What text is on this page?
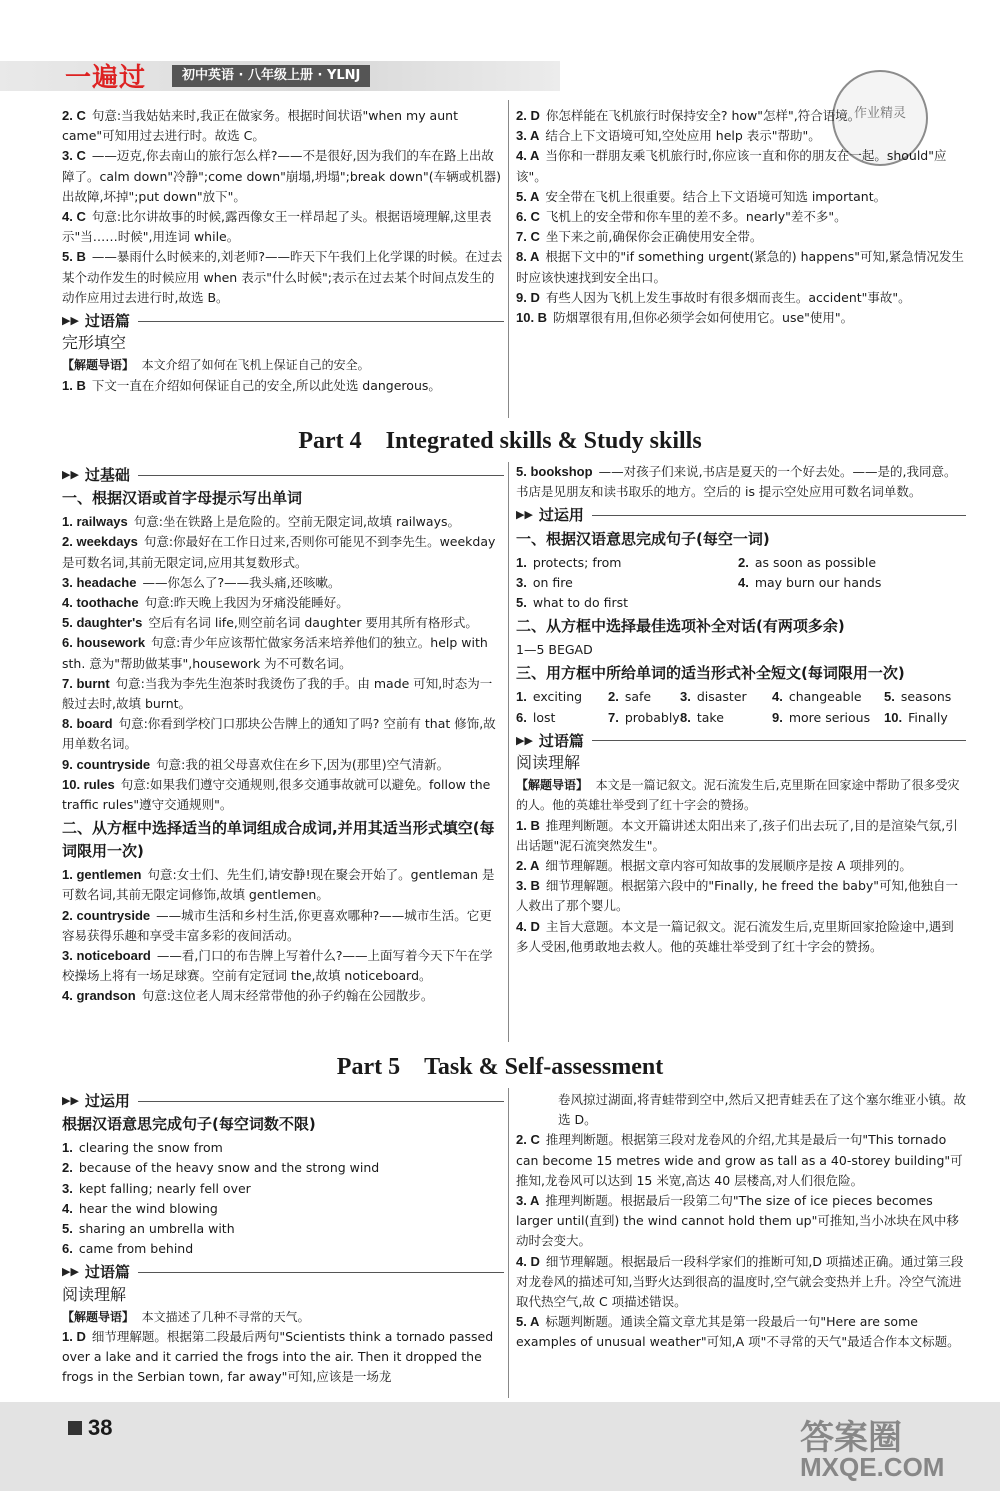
一遍过	初中英语 · 八年级上册 · YLNJ
作业精灵
2. C 句意:当我姑姑来时,我正在做家务。根据时间状语"when my aunt came"可知用过去进行时。故选 C。
3. C ——迈克,你去南山的旅行怎么样?——不是很好,因为我们的车在路上出故障了。calm down"冷静";come down"崩塌,坍塌";break down"(车辆或机器)出故障,坏掉";put down"放下"。
4. C 句意:比尔讲故事的时候,露西像女王一样昂起了头。根据语境理解,这里表示"当……时候",用连词 while。
5. B ——暴雨什么时候来的,刘老师?——昨天下午我们上化学课的时候。在过去某个动作发生的时候应用 when 表示"什么时候";表示在过去某个时间点发生的动作应用过去进行时,故选 B。
▶▶ 过语篇
完形填空
【解题导语】 本文介绍了如何在飞机上保证自己的安全。
1. B 下文一直在介绍如何保证自己的安全,所以此处选 dangerous。
2. D 你怎样能在飞机旅行时保持安全? how"怎样",符合语境。
3. A 结合上下文语境可知,空处应用 help 表示"帮助"。
4. A 当你和一群朋友乘飞机旅行时,你应该一直和你的朋友在一起。should"应该"。
5. A 安全带在飞机上很重要。结合上下文语境可知选 important。
6. C 飞机上的安全带和你车里的差不多。nearly"差不多"。
7. C 坐下来之前,确保你会正确使用安全带。
8. A 根据下文中的"if something urgent(紧急的) happens"可知,紧急情况发生时应该快速找到安全出口。
9. D 有些人因为飞机上发生事故时有很多烟而丧生。accident"事故"。
10. B 防烟罩很有用,但你必须学会如何使用它。use"使用"。
Part 4　Integrated skills & Study skills
▶▶ 过基础
一、根据汉语或首字母提示写出单词
1. railways 句意:坐在铁路上是危险的。空前无限定词,故填 railways。
2. weekdays 句意:你最好在工作日过来,否则你可能见不到李先生。weekday 是可数名词,其前无限定词,应用其复数形式。
3. headache ——你怎么了?——我头痛,还咳嗽。
4. toothache 句意:昨天晚上我因为牙痛没能睡好。
5. daughter's 空后有名词 life,则空前名词 daughter 要用其所有格形式。
6. housework 句意:青少年应该帮忙做家务活来培养他们的独立。help with sth. 意为"帮助做某事",housework 为不可数名词。
7. burnt 句意:当我为李先生泡茶时我烫伤了我的手。由 made 可知,时态为一般过去时,故填 burnt。
8. board 句意:你看到学校门口那块公告牌上的通知了吗? 空前有 that 修饰,故用单数名词。
9. countryside 句意:我的祖父母喜欢住在乡下,因为(那里)空气清新。
10. rules 句意:如果我们遵守交通规则,很多交通事故就可以避免。follow the traffic rules"遵守交通规则"。
二、从方框中选择适当的单词组成合成词,并用其适当形式填空(每词限用一次)
1. gentlemen 句意:女士们、先生们,请安静!现在聚会开始了。gentleman 是可数名词,其前无限定词修饰,故填 gentlemen。
2. countryside ——城市生活和乡村生活,你更喜欢哪种?——城市生活。它更容易获得乐趣和享受丰富多彩的夜间活动。
3. noticeboard ——看,门口的布告牌上写着什么?——上面写着今天下午在学校操场上将有一场足球赛。空前有定冠词 the,故填 noticeboard。
4. grandson 句意:这位老人周末经常带他的孙子约翰在公园散步。
5. bookshop ——对孩子们来说,书店是夏天的一个好去处。——是的,我同意。书店是见朋友和读书取乐的地方。空后的 is 提示空处应用可数名词单数。
▶▶ 过运用
一、根据汉语意思完成句子(每空一词)
1. protects; from	2. as soon as possible
3. on fire	4. may burn our hands
5. what to do first
二、从方框中选择最佳选项补全对话(有两项多余)
1—5 BEGAD
三、用方框中所给单词的适当形式补全短文(每词限用一次)
1. exciting	2. safe	3. disaster	4. changeable	5. seasons
6. lost	7. probably 8. take	9. more serious	10. Finally
▶▶ 过语篇
阅读理解
【解题导语】 本文是一篇记叙文。泥石流发生后,克里斯在回家途中帮助了很多受灾的人。他的英雄壮举受到了红十字会的赞扬。
1. B 推理判断题。本文开篇讲述太阳出来了,孩子们出去玩了,目的是渲染气氛,引出话题"泥石流突然发生"。
2. A 细节理解题。根据文章内容可知故事的发展顺序是按 A 项排列的。
3. B 细节理解题。根据第六段中的"Finally, he freed the baby"可知,他独自一人救出了那个婴儿。
4. D 主旨大意题。本文是一篇记叙文。泥石流发生后,克里斯回家抢险途中,遇到多人受困,他勇敢地去救人。他的英雄壮举受到了红十字会的赞扬。
Part 5　Task & Self-assessment
▶▶ 过运用
根据汉语意思完成句子(每空词数不限)
1. clearing the snow from
2. because of the heavy snow and the strong wind
3. kept falling; nearly fell over
4. hear the wind blowing
5. sharing an umbrella with
6. came from behind
▶▶ 过语篇
阅读理解
【解题导语】 本文描述了几种不寻常的天气。
1. D 细节理解题。根据第二段最后两句"Scientists think a tornado passed over a lake and it carried the frogs into the air. Then it dropped the frogs in the Serbian town, far away"可知,应该是一场龙
卷风掠过湖面,将青蛙带到空中,然后又把青蛙丢在了这个塞尔维亚小镇。故选 D。
2. C 推理判断题。根据第三段对龙卷风的介绍,尤其是最后一句"This tornado can become 15 metres wide and grow as tall as a 40-storey building"可推知,龙卷风可以达到 15 米宽,高达 40 层楼高,对人们很危险。
3. A 推理判断题。根据最后一段第二句"The size of ice pieces becomes larger until(直到) the wind cannot hold them up"可推知,当小冰块在风中移动时会变大。
4. D 细节理解题。根据最后一段科学家们的推断可知,D 项描述正确。通过第三段对龙卷风的描述可知,当野火达到很高的温度时,空气就会变热并上升。冷空气流进取代热空气,故 C 项描述错误。
5. A 标题判断题。通读全篇文章尤其是第一段最后一句"Here are some examples of unusual weather"可知,A 项"不寻常的天气"最适合作本文标题。
38	答案圈
MXQE.COM
